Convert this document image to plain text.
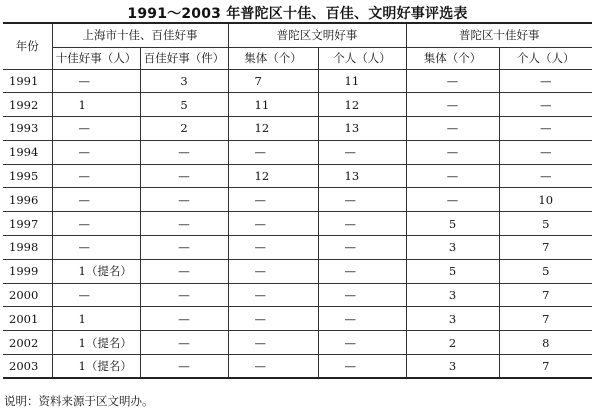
1991～2003 年普陀区十佳、百佳、文明好事评选表
年份	上海市十佳、百佳好事		普陀区文明好事		普陀区十佳好事	
	十佳好事（人）	百佳好事（件）	集体（个）	个人（人）	集体（个）	个人（人）
1991	—	3	7	11	—	—
1992	1	5	11	12	—	—
1993	—	2	12	13	—	—
1994	—	—	—	—	—	—
1995	—	—	12	13	—	—
1996	—	—	—	—	—	10
1997	—	—	—	—	5	5
1998	—	—	—	—	3	7
1999	1（提名）	—	—	—	5	5
2000	—	—	—	—	3	7
2001	1	—	—	—	3	7
2002	1（提名）	—	—	—	2	8
2003	1（提名）	—	—	—	3	7
说明：资料来源于区文明办。
